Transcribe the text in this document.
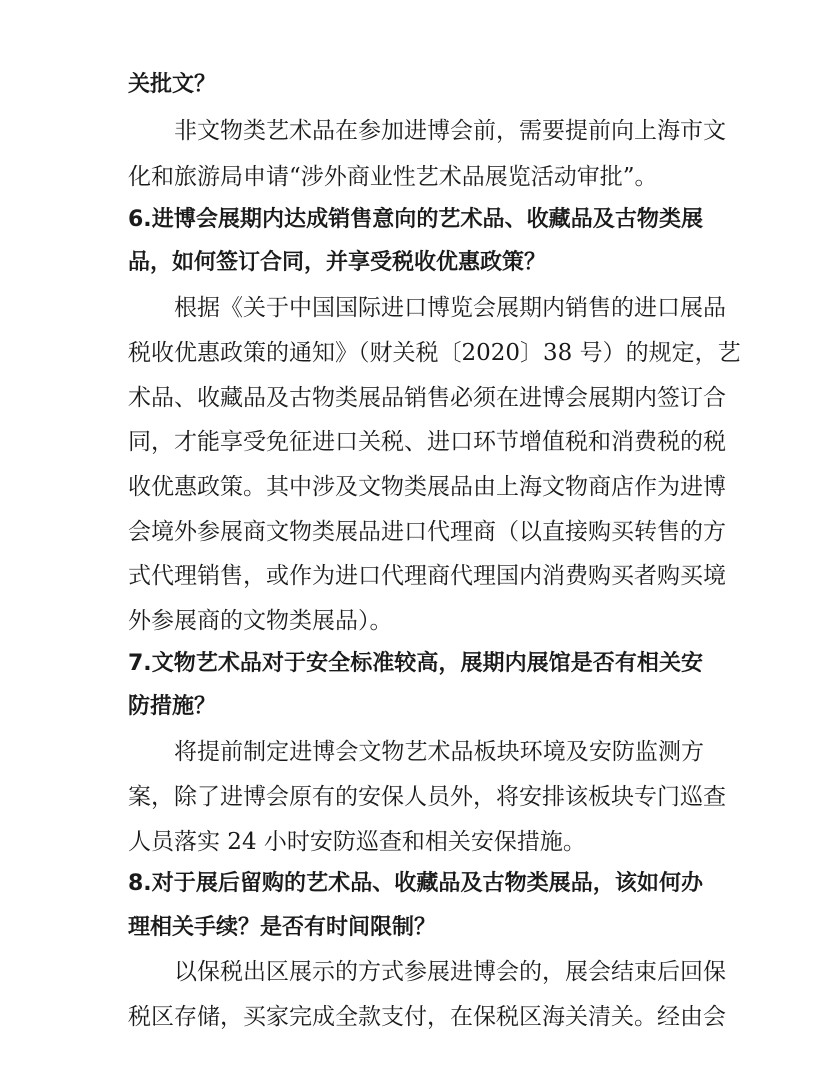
关批文？
非文物类艺术品在参加进博会前，需要提前向上海市文
化和旅游局申请“涉外商业性艺术品展览活动审批”。
6.进博会展期内达成销售意向的艺术品、收藏品及古物类展
品，如何签订合同，并享受税收优惠政策？
根据《关于中国国际进口博览会展期内销售的进口展品
税收优惠政策的通知》（财关税〔2020〕38 号）的规定，艺
术品、收藏品及古物类展品销售必须在进博会展期内签订合
同，才能享受免征进口关税、进口环节增值税和消费税的税
收优惠政策。其中涉及文物类展品由上海文物商店作为进博
会境外参展商文物类展品进口代理商（以直接购买转售的方
式代理销售，或作为进口代理商代理国内消费购买者购买境
外参展商的文物类展品）。
7.文物艺术品对于安全标准较高，展期内展馆是否有相关安
防措施？
将提前制定进博会文物艺术品板块环境及安防监测方
案，除了进博会原有的安保人员外，将安排该板块专门巡查
人员落实 24 小时安防巡查和相关安保措施。
8.对于展后留购的艺术品、收藏品及古物类展品，该如何办
理相关手续？是否有时间限制？
以保税出区展示的方式参展进博会的，展会结束后回保
税区存储，买家完成全款支付，在保税区海关清关。经由会
